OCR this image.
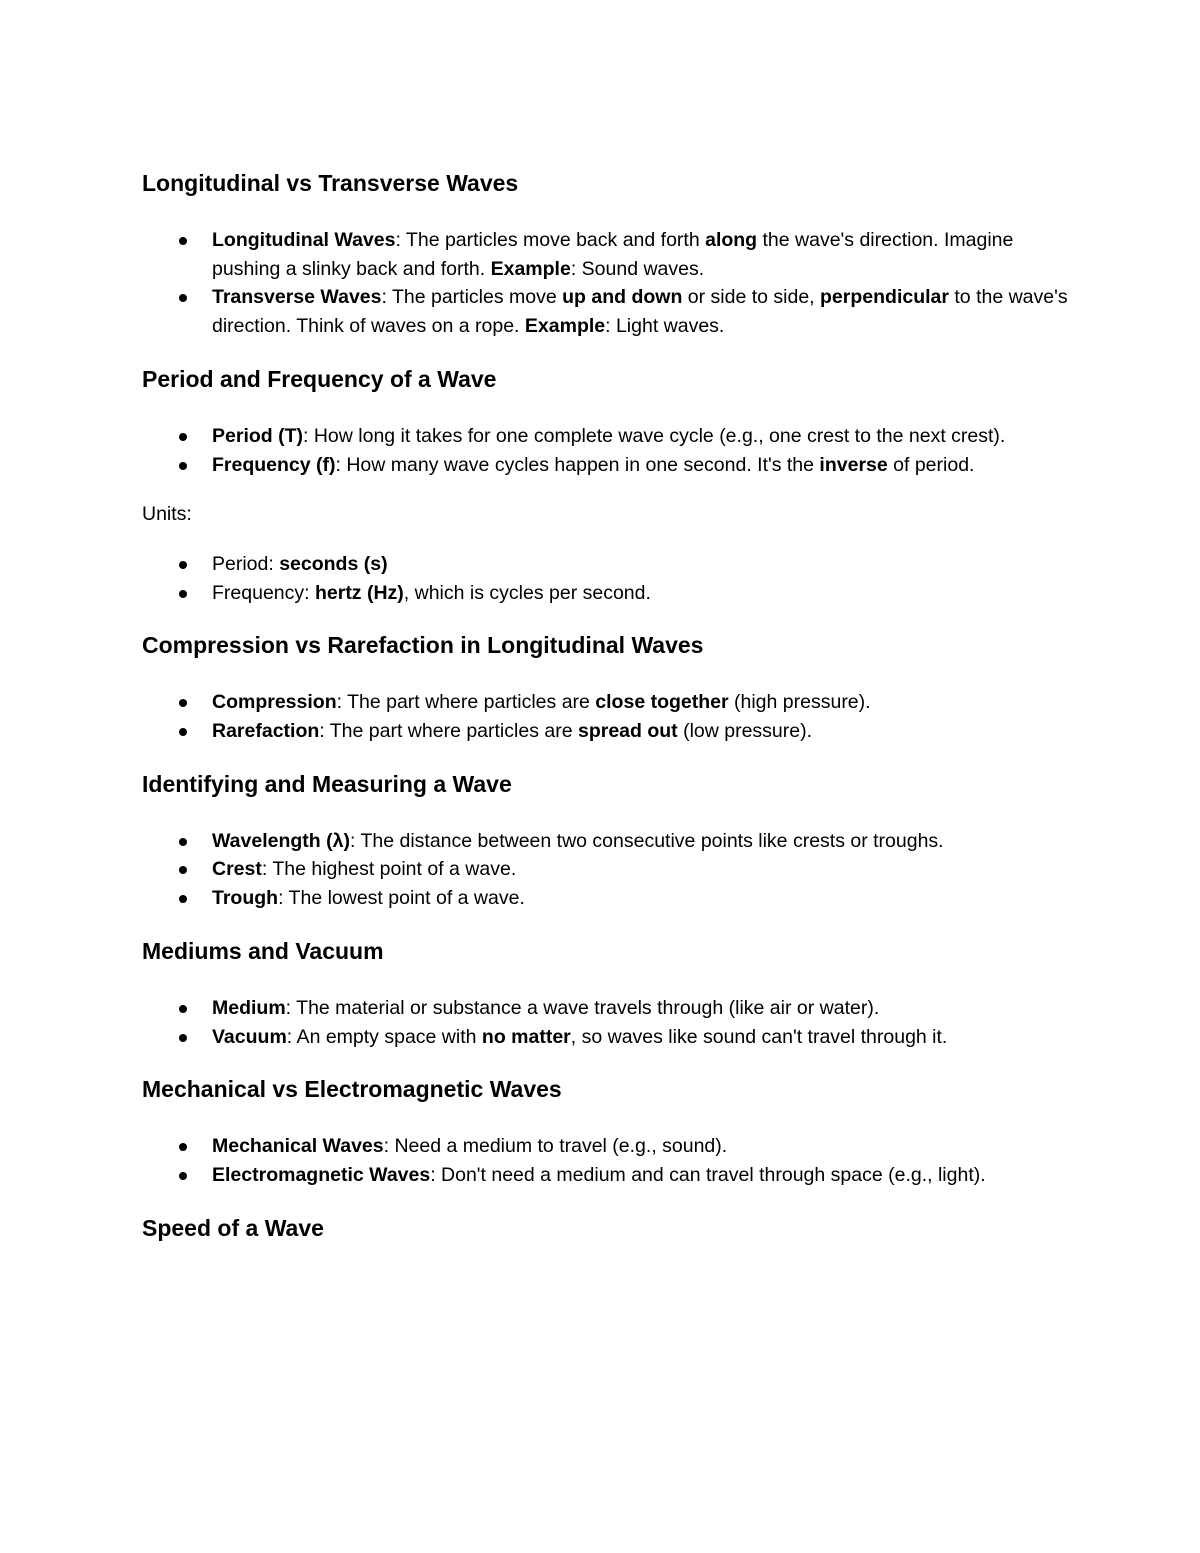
Longitudinal vs Transverse Waves
Longitudinal Waves: The particles move back and forth along the wave's direction. Imagine pushing a slinky back and forth. Example: Sound waves.
Transverse Waves: The particles move up and down or side to side, perpendicular to the wave's direction. Think of waves on a rope. Example: Light waves.
Period and Frequency of a Wave
Period (T): How long it takes for one complete wave cycle (e.g., one crest to the next crest).
Frequency (f): How many wave cycles happen in one second. It's the inverse of period.

Units:

Period: seconds (s)
Frequency: hertz (Hz), which is cycles per second.
Compression vs Rarefaction in Longitudinal Waves
Compression: The part where particles are close together (high pressure).
Rarefaction: The part where particles are spread out (low pressure).
Identifying and Measuring a Wave
Wavelength (λ): The distance between two consecutive points like crests or troughs.
Crest: The highest point of a wave.
Trough: The lowest point of a wave.
Mediums and Vacuum
Medium: The material or substance a wave travels through (like air or water).
Vacuum: An empty space with no matter, so waves like sound can't travel through it.
Mechanical vs Electromagnetic Waves
Mechanical Waves: Need a medium to travel (e.g., sound).
Electromagnetic Waves: Don't need a medium and can travel through space (e.g., light).
Speed of a Wave
